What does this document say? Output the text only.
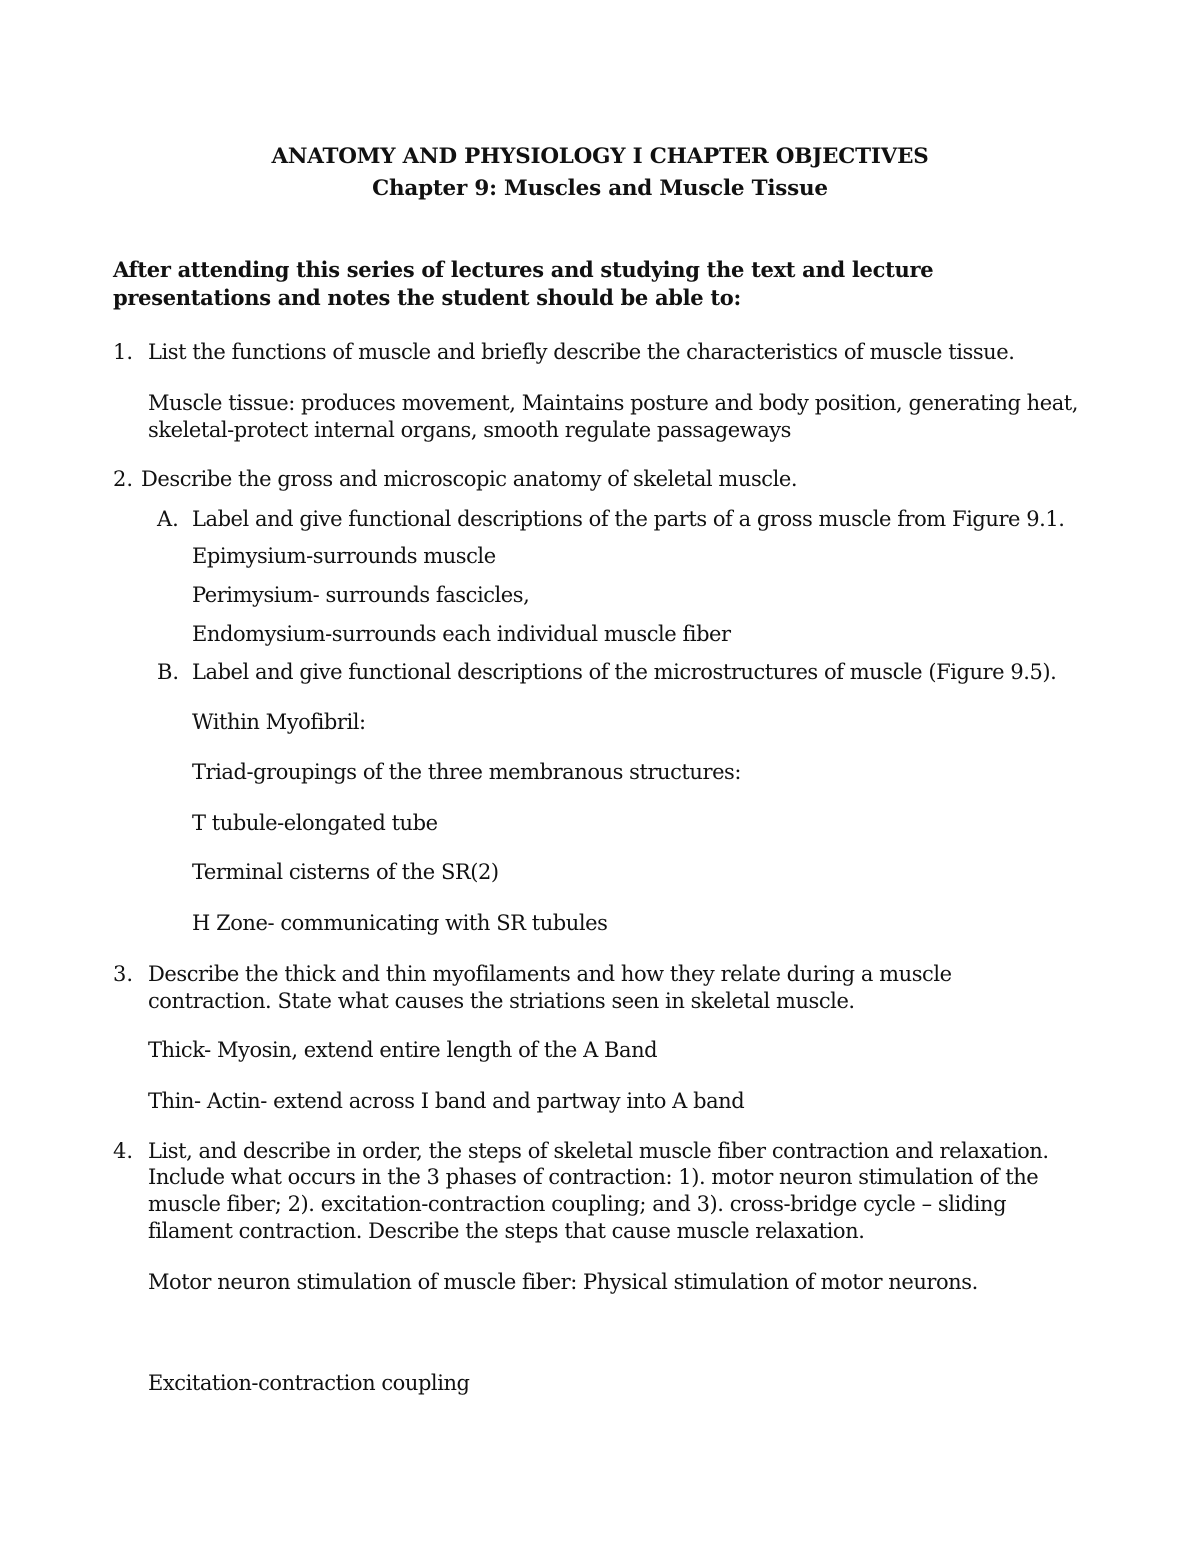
ANATOMY AND PHYSIOLOGY I CHAPTER OBJECTIVES
Chapter 9: Muscles and Muscle Tissue
After attending this series of lectures and studying the text and lecture
presentations and notes the student should be able to:
1. List the functions of muscle and briefly describe the characteristics of muscle tissue.
Muscle tissue: produces movement, Maintains posture and body position, generating heat,
skeletal-protect internal organs, smooth regulate passageways
2. Describe the gross and microscopic anatomy of skeletal muscle.
A. Label and give functional descriptions of the parts of a gross muscle from Figure 9.1.
Epimysium-surrounds muscle
Perimysium- surrounds fascicles,
Endomysium-surrounds each individual muscle fiber
B. Label and give functional descriptions of the microstructures of muscle (Figure 9.5).
Within Myofibril:
Triad-groupings of the three membranous structures:
T tubule-elongated tube
Terminal cisterns of the SR(2)
H Zone- communicating with SR tubules
3. Describe the thick and thin myofilaments and how they relate during a muscle
contraction. State what causes the striations seen in skeletal muscle.
Thick- Myosin, extend entire length of the A Band
Thin- Actin- extend across I band and partway into A band
4. List, and describe in order, the steps of skeletal muscle fiber contraction and relaxation.
Include what occurs in the 3 phases of contraction: 1). motor neuron stimulation of the
muscle fiber; 2). excitation-contraction coupling; and 3). cross-bridge cycle – sliding
filament contraction. Describe the steps that cause muscle relaxation.
Motor neuron stimulation of muscle fiber: Physical stimulation of motor neurons.
Excitation-contraction coupling
